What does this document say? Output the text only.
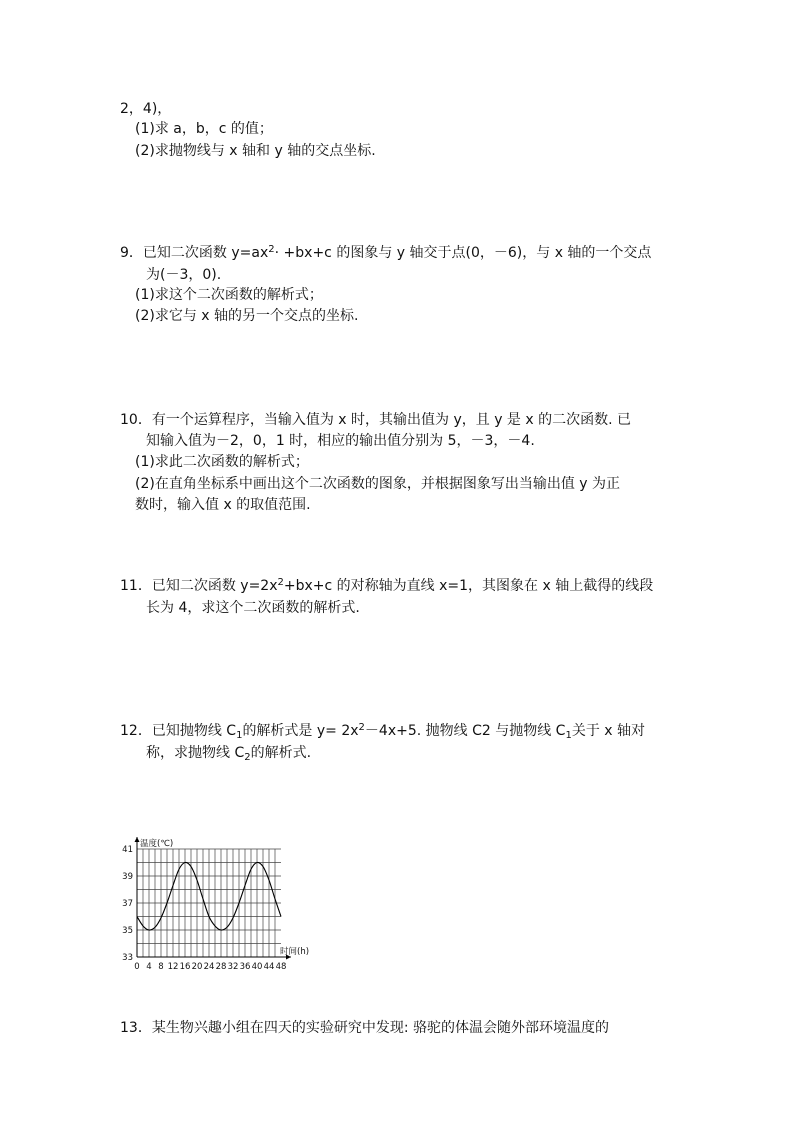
2，4)，
(1)求 a，b，c 的值；
(2)求抛物线与 x 轴和 y 轴的交点坐标.
9．已知二次函数 $y=ax^2\cdot +bx+c$ 的图象与 y 轴交于点(0，－6)，与 x 轴的一个交点
为(－3，0).
(1)求这个二次函数的解析式；
(2)求它与 x 轴的另一个交点的坐标.
10．有一个运算程序，当输入值为 x 时，其输出值为 y，且 y 是 x 的二次函数. 已
知输入值为－2，0，1 时，相应的输出值分别为 5，－3，－4.
(1)求此二次函数的解析式；
(2)在直角坐标系中画出这个二次函数的图象，并根据图象写出当输出值 y 为正
数时，输入值 x 的取值范围.
11．已知二次函数 $y=2x^2+bx+c$ 的对称轴为直线 x=1，其图象在 x 轴上截得的线段
长为 4，求这个二次函数的解析式.
12．已知抛物线 $C_1$的解析式是 $y= 2x^2-4x+5$. 抛物线 C2 与抛物线 $C_1$关于 x 轴对
称，求抛物线 $C_2$的解析式.
0 4 8 12 16 20 24 28 32 36 40 44 48
33
35
37
39
41
温度(℃)
时间(h)
13．某生物兴趣小组在四天的实验研究中发现: 骆驼的体温会随外部环境温度的
